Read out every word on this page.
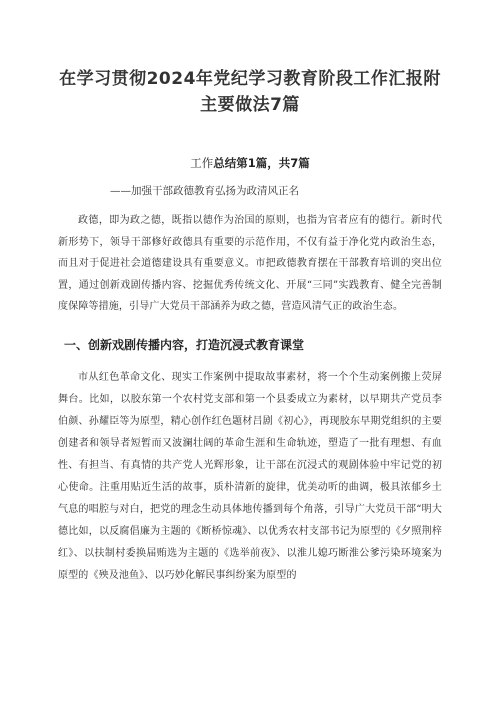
在学习贯彻2024年党纪学习教育阶段工作汇报附主要做法7篇
工作总结第1篇，共7篇
——加强干部政德教育弘扬为政清风正名

政德，即为政之德，既指以德作为治国的原则，也指为官者应有的德行。新时代新形势下，领导干部修好政德具有重要的示范作用，不仅有益于净化党内政治生态，而且对于促进社会道德建设具有重要意义。市把政德教育摆在干部教育培训的突出位置，通过创新戏剧传播内容、挖掘优秀传统文化、开展“三同”实践教育、健全完善制度保障等措施，引导广大党员干部涵养为政之德，营造风清气正的政治生态。

一、创新戏剧传播内容，打造沉浸式教育课堂

市从红色革命文化、现实工作案例中提取故事素材，将一个个生动案例搬上荧屏舞台。比如，以胶东第一个农村党支部和第一个县委成立为素材，以早期共产党员李伯颜、孙耀臣等为原型，精心创作红色题材吕剧《初心》，再现胶东早期党组织的主要创建者和领导者短暂而又波澜壮阔的革命生涯和生命轨迹，塑造了一批有理想、有血性、有担当、有真情的共产党人光辉形象，让干部在沉浸式的观剧体验中牢记党的初心使命。注重用贴近生活的故事，质朴清新的旋律，优美动听的曲调，极具浓郁乡土气息的唱腔与对白，把党的理念生动具体地传播到每个角落，引导广大党员干部“明大德比如，以反腐倡廉为主题的《断桥惊魂》、以优秀农村支部书记为原型的《夕照荆梓红》、以扶制村委换届贿选为主题的《选举前夜》、以淮儿媳巧断淮公爹污染环境案为原型的《殃及池鱼》、以巧妙化解民事纠纷案为原型的
